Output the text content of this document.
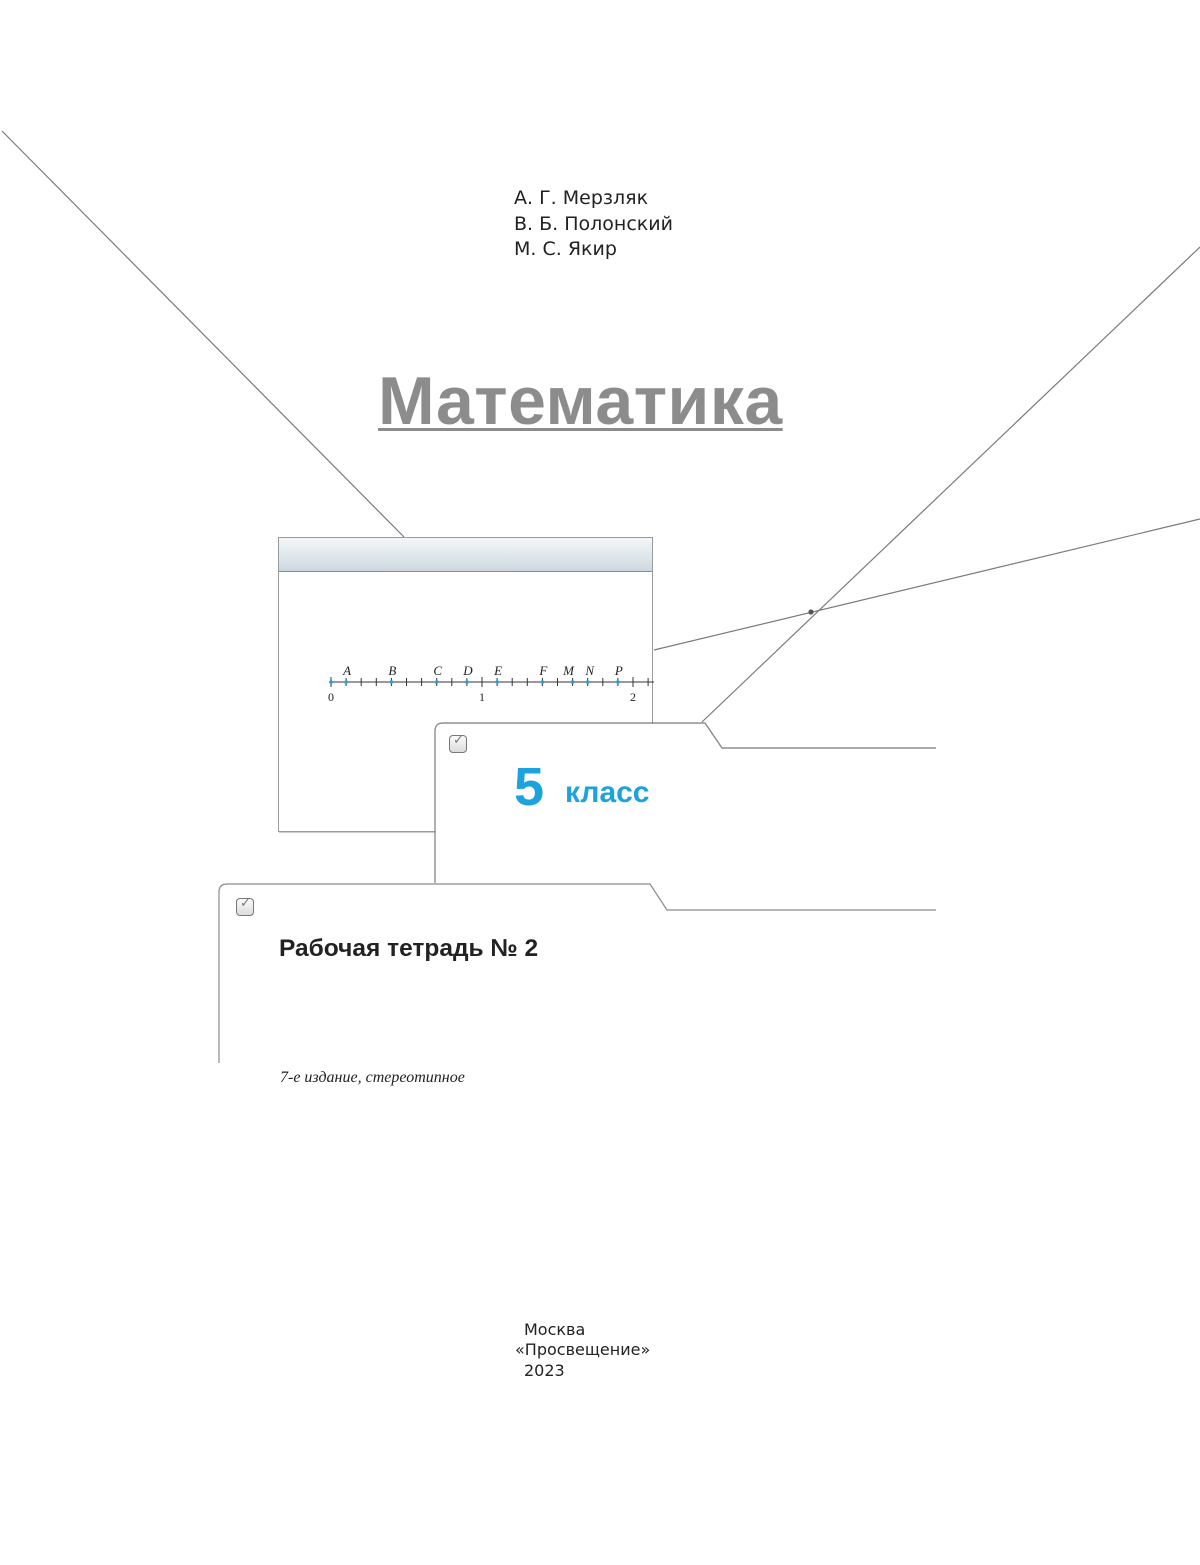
А. Г. Мерзляк
В. Б. Полонский
М. С. Якир
Математика
0	1	2
A	B	C D E	F M N P
✓
5 класс
✓
Рабочая тетрадь № 2
7-е издание, стереотипное
Москва
«Просвещение»
2023
